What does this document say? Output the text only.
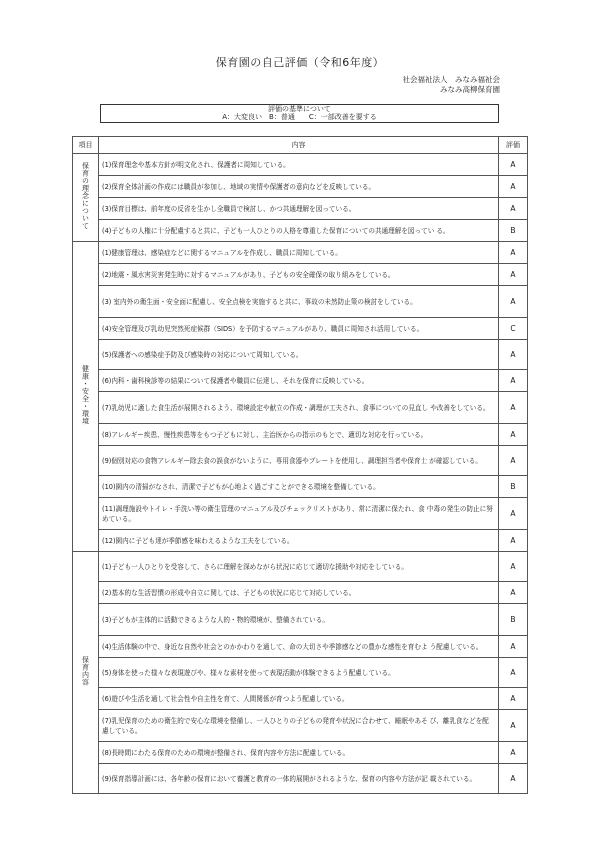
保育園の自己評価（令和6年度）
社会福祉法人　みなみ福祉会
みなみ高柳保育園
評価の基準について
A：大変良い　B：普通　　C：一部改善を要する
項目	内容	評価
保育の理念について	(1)保育理念や基本方針が明文化され、保護者に周知している。	A
	(2)保育全体計画の作成には職員が参加し、地域の実情や保護者の意向などを反映している。	A
	(3)保育目標は、前年度の反省を生かし全職員で検討し、かつ共通理解を図っている。	A
	(4)子どもの人権に十分配慮すると共に、子ども一人ひとりの人格を尊重した保育についての共通理解を図ってい る。	B
健康・安全・環境	(1)健康管理は、感染症などに関するマニュアルを作成し、職員に周知している。	A
	(2)地震・風水害災害発生時に対するマニュアルがあり、子どもの安全確保の取り組みをしている。	A
	(3) 室内外の衛生面・安全面に配慮し、安全点検を実施すると共に、事故の未然防止策の検討をしている。	A
	(4)安全管理及び乳幼児突然死症候群（SIDS）を予防するマニュアルがあり、職員に周知され活用している。	C
	(5)保護者への感染症予防及び感染時の対応について周知している。	A
	(6)内科・歯科検診等の結果について保護者や職員に伝達し、それを保育に反映している。	A
	(7)乳幼児に適した食生活が展開されるよう、環境設定や献立の作成・調理が工夫され、食事についての見直し や改善をしている。	A
	(8)アレルギー疾患、慢性疾患等をもつ子どもに対し、主治医からの指示のもとで、適切な対応を行っている。	A
	(9)個別対応の食物アレルギー除去食の誤食がないように、専用食器やプレートを使用し、調理担当者や保育士 が確認している。	A
	(10)園内の清掃がなされ、清潔で子どもが心地よく過ごすことができる環境を整備している。	B
	(11)調理施設やトイレ・手洗い等の衛生管理のマニュアル及びチェックリストがあり、常に清潔に保たれ、食 中毒の発生の防止に努めている。	A
	(12)園内に子ども達が季節感を味わえるような工夫をしている。	A
保育内容	(1)子ども一人ひとりを受容して、さらに理解を深めながら状況に応じて適切な援助や対応をしている。	A
	(2)基本的な生活習慣の形成や自立に関しては、子どもの状況に応じて対応している。	A
	(3)子どもが主体的に活動できるような人的・物的環境が、整備されている。	B
	(4)生活体験の中で、身近な自然や社会とのかかわりを通して、命の大切さや季節感などの豊かな感性を育むよ う配慮している。	A
	(5)身体を使った様々な表現遊びや、様々な素材を使って表現活動が体験できるよう配慮している。	A
	(6)遊びや生活を通して社会性や自主性を育て、人間関係が育つよう配慮している。	A
	(7)乳児保育のための衛生的で安心な環境を整備し、一人ひとりの子どもの発育や状況に合わせて、睡眠やあそ び、離乳食などを配慮している。	A
	(8)長時間にわたる保育のための環境が整備され、保育内容や方法に配慮している。	A
	(9)保育指導計画には、各年齢の保育において養護と教育の一体的展開がされるような、保育の内容や方法が記 載されている。	A
